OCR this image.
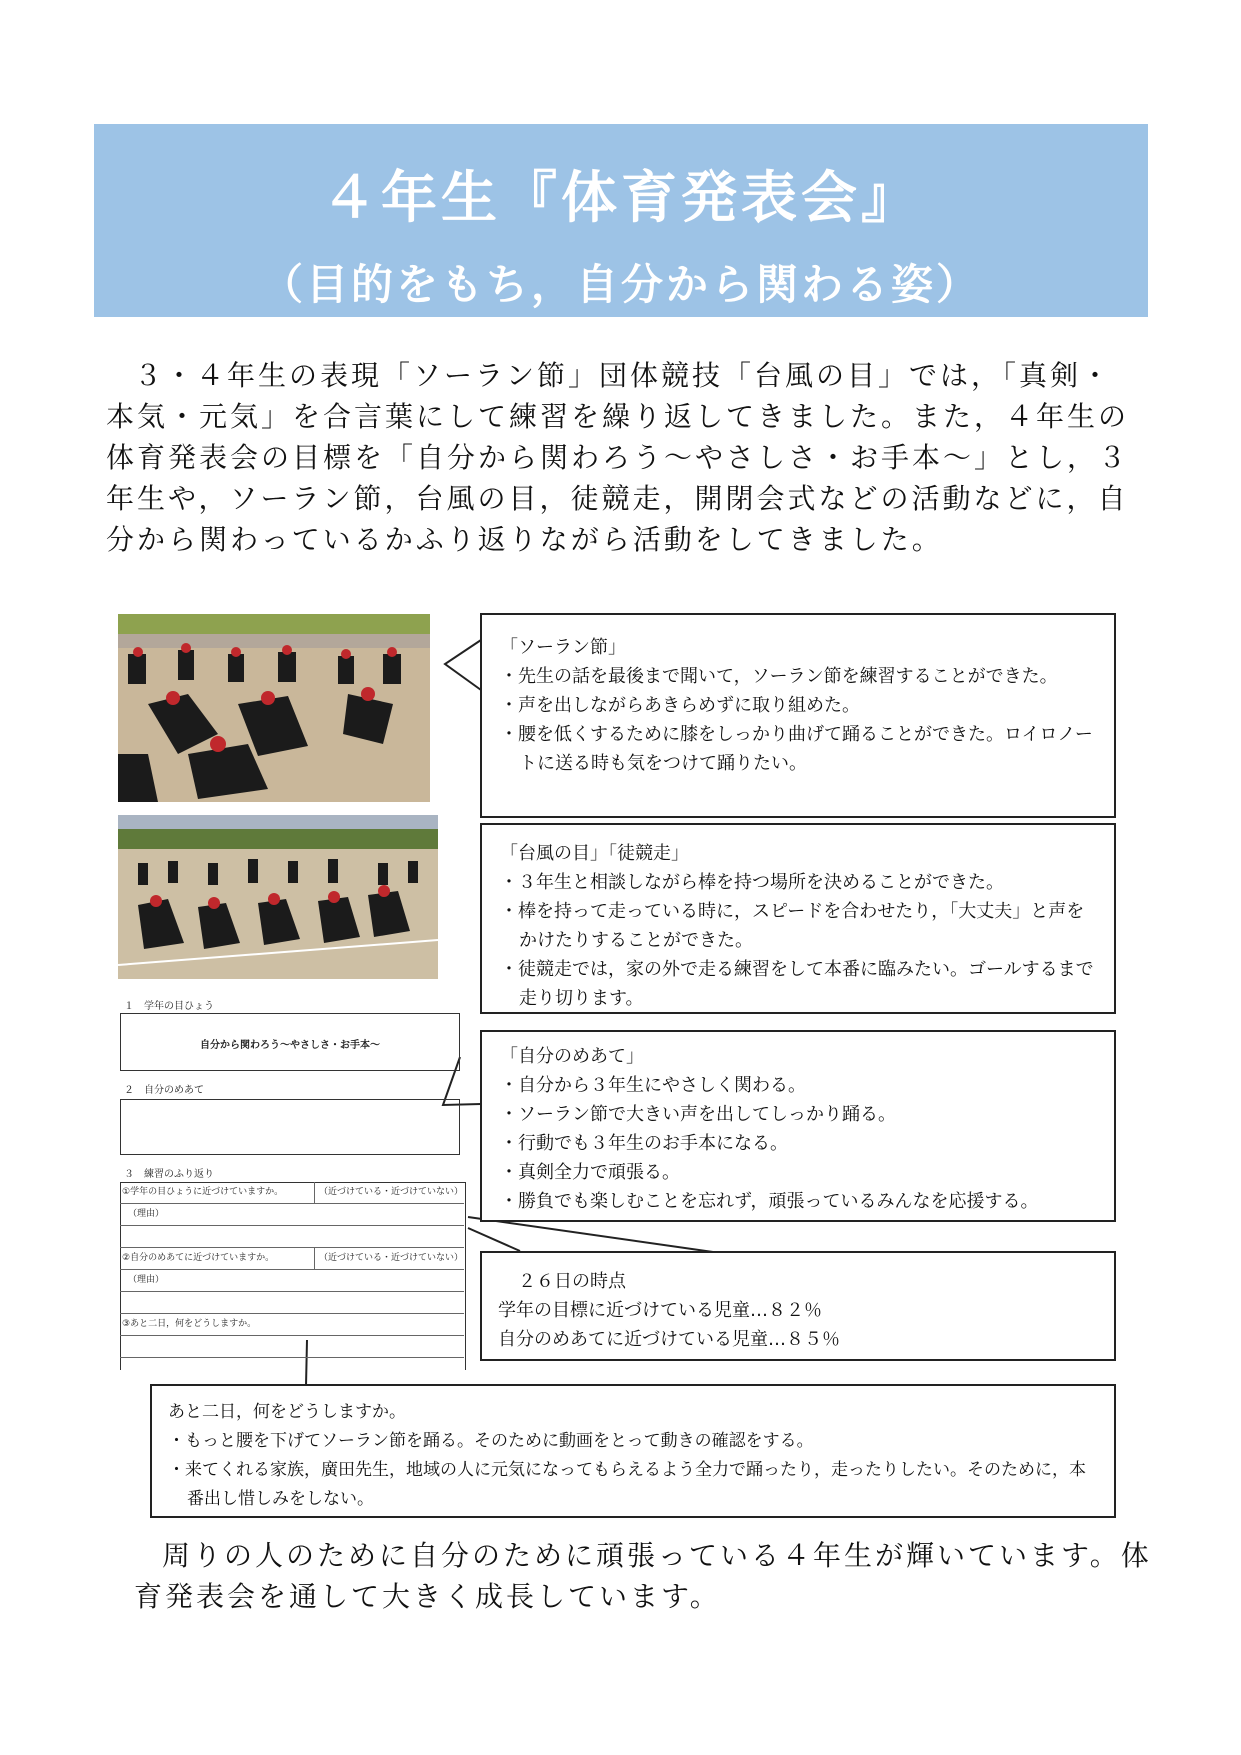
４年生『体育発表会』
（目的をもち，自分から関わる姿）
３・４年生の表現「ソーラン節」団体競技「台風の目」では，「真剣・本気・元気」を合言葉にして練習を繰り返してきました。また，４年生の体育発表会の目標を「自分から関わろう～やさしさ・お手本～」とし，３年生や，ソーラン節，台風の目，徒競走，開閉会式などの活動などに，自分から関わっているかふり返りながら活動をしてきました。
「ソーラン節」
・先生の話を最後まで聞いて，ソーラン節を練習することができた。
・声を出しながらあきらめずに取り組めた。
・腰を低くするために膝をしっかり曲げて踊ることができた。ロイロノートに送る時も気をつけて踊りたい。
「台風の目」「徒競走」
・３年生と相談しながら棒を持つ場所を決めることができた。
・棒を持って走っている時に，スピードを合わせたり，「大丈夫」と声をかけたりすることができた。
・徒競走では，家の外で走る練習をして本番に臨みたい。ゴールするまで走り切ります。
「自分のめあて」
・自分から３年生にやさしく関わる。
・ソーラン節で大きい声を出してしっかり踊る。
・行動でも３年生のお手本になる。
・真剣全力で頑張る。
・勝負でも楽しむことを忘れず，頑張っているみんなを応援する。
２６日の時点
学年の目標に近づけている児童…８２％
自分のめあてに近づけている児童…８５％
１　学年の目ひょう
自分から関わろう～やさしさ・お手本～
２　自分のめあて
３　練習のふり返り
①学年の目ひょうに近づけていますか。	（近づけている・近づけていない）
（理由）
②自分のめあてに近づけていますか。	（近づけている・近づけていない）
（理由）
③あと二日，何をどうしますか。
あと二日，何をどうしますか。
・もっと腰を下げてソーラン節を踊る。そのために動画をとって動きの確認をする。
・来てくれる家族，廣田先生，地域の人に元気になってもらえるよう全力で踊ったり，走ったりしたい。そのために，本番出し惜しみをしない。
周りの人のために自分のために頑張っている４年生が輝いています。体育発表会を通して大きく成長しています。
